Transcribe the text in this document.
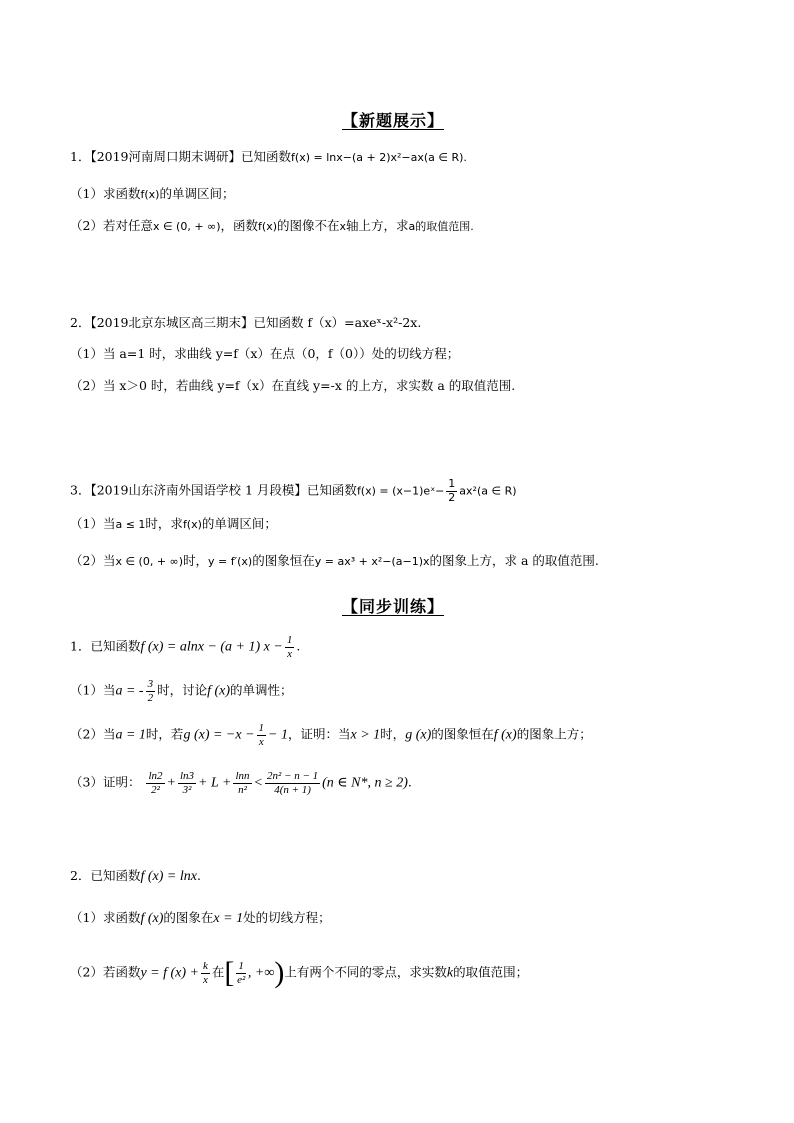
【新题展示】
1．【2019河南周口期末调研】已知函数f(x) = lnx−(a + 2)x²−ax(a ∈ R).
（1）求函数f(x)的单调区间；
（2）若对任意x ∈ (0, + ∞)，函数f(x)的图像不在x轴上方，求a的取值范围.
2．【2019北京东城区高三期末】已知函数 f（x）=axeˣ-x²-2x.
（1）当 a=1 时，求曲线 y=f（x）在点（0，f（0））处的切线方程；
（2）当 x＞0 时，若曲线 y=f（x）在直线 y=-x 的上方，求实数 a 的取值范围.
3．【2019山东济南外国语学校 1 月段模】已知函数f(x) = (x−1)eˣ− $\frac{1}{2} ax^2(a$ ∈ R)
（1）当a ≤ 1时，求f(x)的单调区间；
（2）当x ∈ (0, + ∞)时，y = f′(x)的图象恒在y = ax³ + x²−(a−1)x的图象上方，求 a 的取值范围.
【同步训练】
1．已知函数f (x) = alnx − (a + 1) $x - \frac{1}{x}$ .
（1）当a = - $\frac{3}{2}$ 时，讨论f (x)的单调性；
（2）当a = 1时，若g $(x) = -x - \frac{1}{x} - 1$，证明：当x > 1时，g (x)的图象恒在f (x)的图象上方；
（3）证明： $\frac{\ln 2}{\text{2²}} + \frac{\ln 3}{\text{3²}} + L + \frac{\ln n}{\text{n²}} < \frac{\text{2n² − n − 1}}{4(n + 1)} (n$ ∈ N*, n ≥ 2).
2．已知函数f (x) = lnx.
（1）求函数f (x)的图象在x = 1处的切线方程；
（2）若函数y = f $(x) + \frac{k}{x}$ 在[ $\frac{1}{\text{e²}}$ , +∞)上有两个不同的零点，求实数k的取值范围；
